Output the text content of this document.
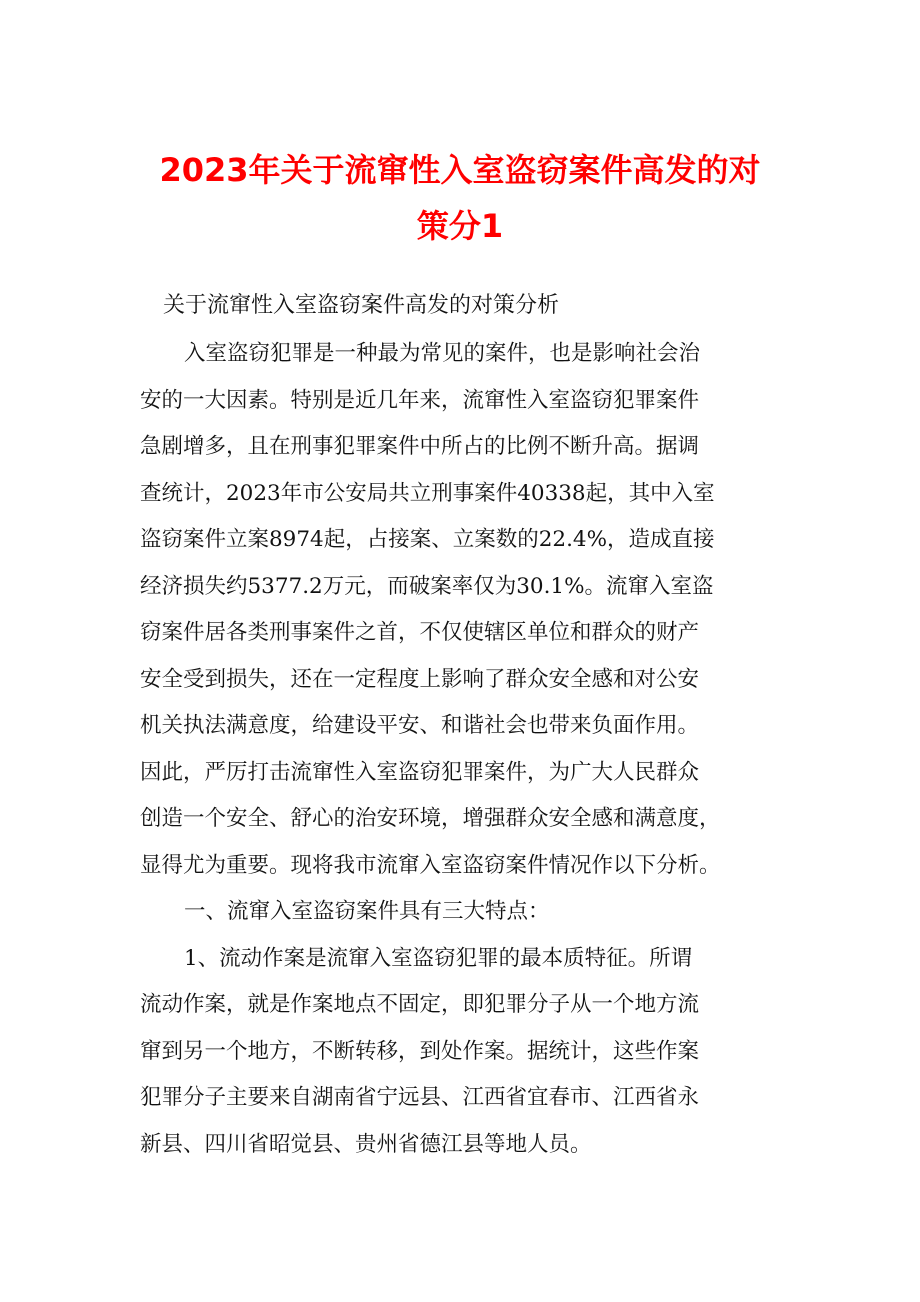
2023年关于流窜性入室盗窃案件高发的对
策分1
关于流窜性入室盗窃案件高发的对策分析
入室盗窃犯罪是一种最为常见的案件，也是影响社会治
安的一大因素。特别是近几年来，流窜性入室盗窃犯罪案件
急剧增多，且在刑事犯罪案件中所占的比例不断升高。据调
查统计，2023年市公安局共立刑事案件40338起，其中入室
盗窃案件立案8974起，占接案、立案数的22.4%，造成直接
经济损失约5377.2万元，而破案率仅为30.1%。流窜入室盗
窃案件居各类刑事案件之首，不仅使辖区单位和群众的财产
安全受到损失，还在一定程度上影响了群众安全感和对公安
机关执法满意度，给建设平安、和谐社会也带来负面作用。
因此，严厉打击流窜性入室盗窃犯罪案件，为广大人民群众
创造一个安全、舒心的治安环境，增强群众安全感和满意度，
显得尤为重要。现将我市流窜入室盗窃案件情况作以下分析。
一、流窜入室盗窃案件具有三大特点：
1、流动作案是流窜入室盗窃犯罪的最本质特征。所谓
流动作案，就是作案地点不固定，即犯罪分子从一个地方流
窜到另一个地方，不断转移，到处作案。据统计，这些作案
犯罪分子主要来自湖南省宁远县、江西省宜春市、江西省永
新县、四川省昭觉县、贵州省德江县等地人员。
